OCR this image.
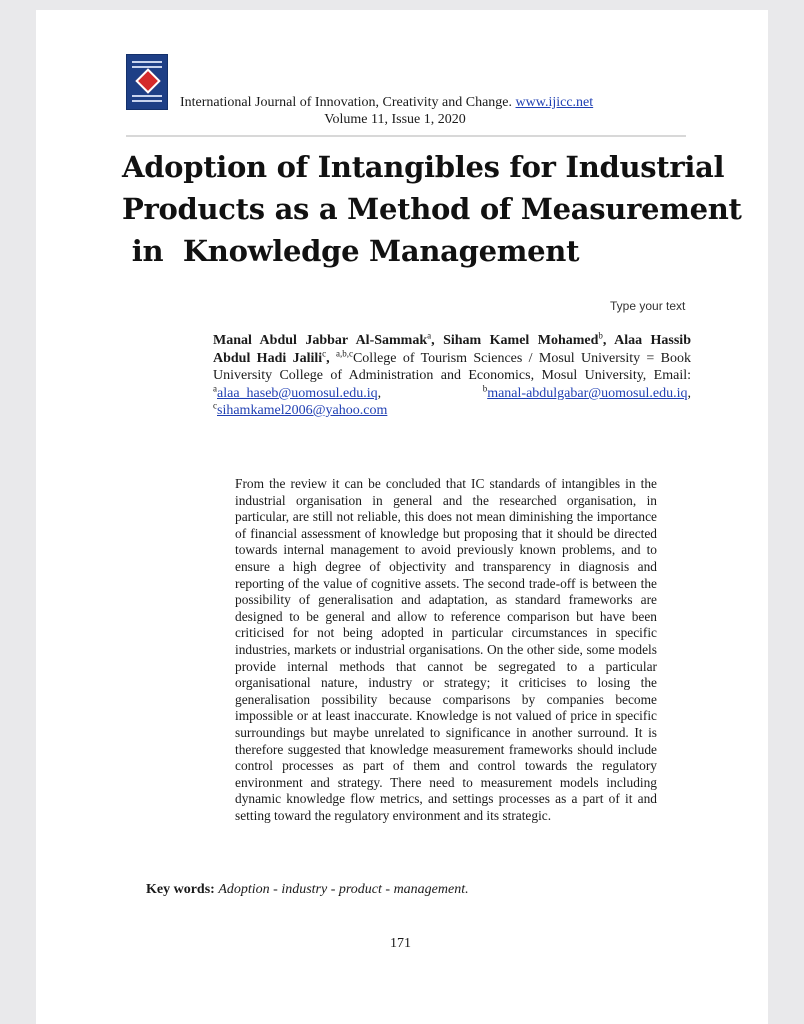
International Journal of Innovation, Creativity and Change. www.ijicc.net
Volume 11, Issue 1, 2020
Adoption of Intangibles for Industrial
Products as a Method of Measurement
in  Knowledge Management
Type your text
Manal Abdul Jabbar Al-Sammak$^a$, Siham Kamel Mohamed$^b$, Alaa Hassib Abdul Hadi Jalili$^c$, $^{a,b,c}$College of Tourism Sciences / Mosul University = Book University College of Administration and Economics, Mosul University, Email: $^a$alaa_haseb@uomosul.edu.iq, $^b$manal-abdulgabar@uomosul.edu.iq, $^c$sihamkamel2006@yahoo.com
From the review it can be concluded that IC standards of intangibles in the industrial organisation in general and the researched organisation, in particular, are still not reliable, this does not mean diminishing the importance of financial assessment of knowledge but proposing that it should be directed towards internal management to avoid previously known problems, and to ensure a high degree of objectivity and transparency in diagnosis and reporting of the value of cognitive assets. The second trade-off is between the possibility of generalisation and adaptation, as standard frameworks are designed to be general and allow to reference comparison but have been criticised for not being adopted in particular circumstances in specific industries, markets or industrial organisations. On the other side, some models provide internal methods that cannot be segregated to a particular organisational nature, industry or strategy; it criticises to losing the generalisation possibility because comparisons by companies become impossible or at least inaccurate. Knowledge is not valued of price in specific surroundings but maybe unrelated to significance in another surround. It is therefore suggested that knowledge measurement frameworks should include control processes as part of them and control towards the regulatory environment and strategy. There need to measurement models including dynamic knowledge flow metrics, and settings processes as a part of it and setting toward the regulatory environment and its strategic.
Key words: Adoption - industry - product - management.
171
